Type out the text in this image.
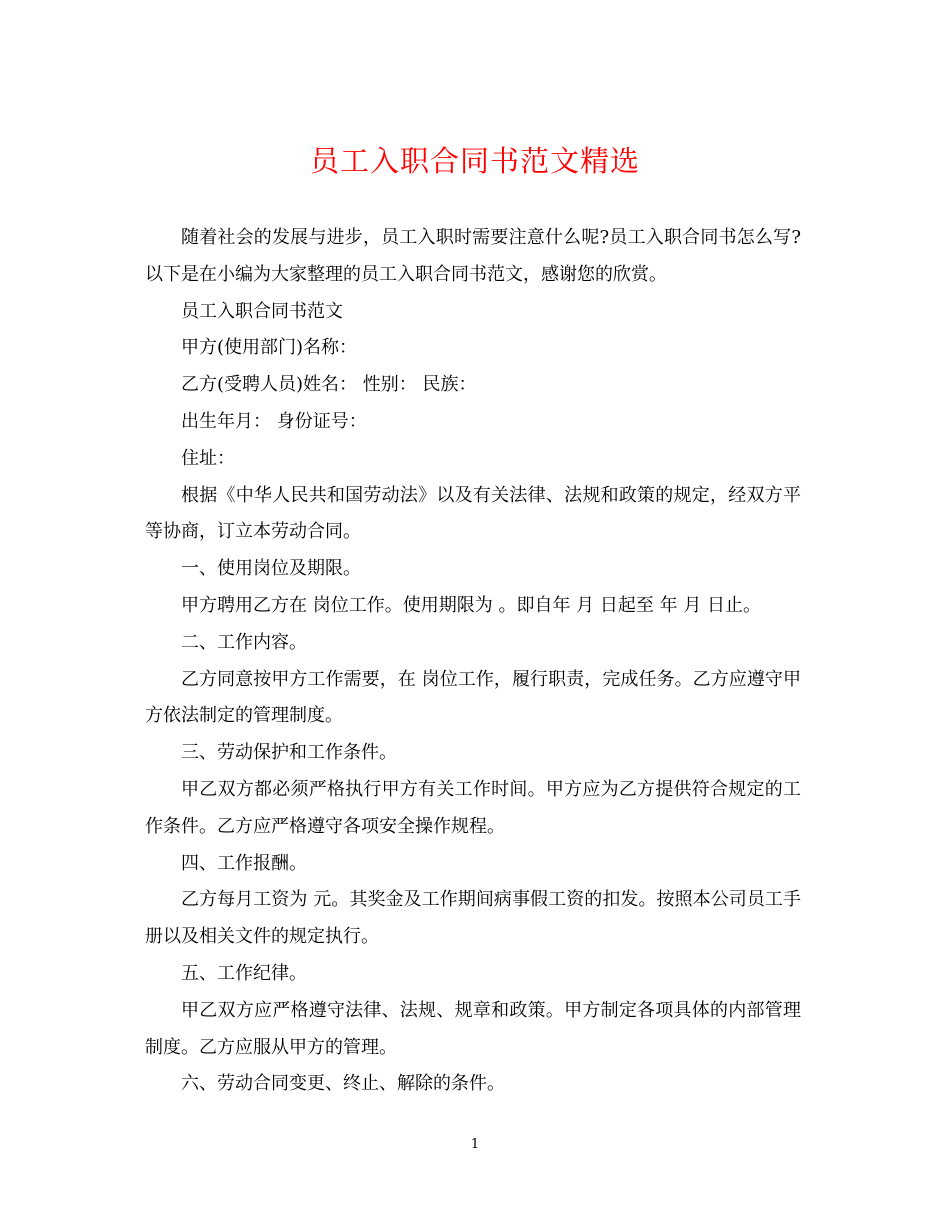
员工入职合同书范文精选

随着社会的发展与进步，员工入职时需要注意什么呢?员工入职合同书怎么写?以下是在小编为大家整理的员工入职合同书范文，感谢您的欣赏。

员工入职合同书范文

甲方(使用部门)名称：

乙方(受聘人员)姓名： 性别： 民族：

出生年月： 身份证号：

住址：

根据《中华人民共和国劳动法》以及有关法律、法规和政策的规定，经双方平等协商，订立本劳动合同。

一、使用岗位及期限。

甲方聘用乙方在 岗位工作。使用期限为 。即自年 月 日起至 年 月 日止。

二、工作内容。

乙方同意按甲方工作需要，在 岗位工作，履行职责，完成任务。乙方应遵守甲方依法制定的管理制度。

三、劳动保护和工作条件。

甲乙双方都必须严格执行甲方有关工作时间。甲方应为乙方提供符合规定的工作条件。乙方应严格遵守各项安全操作规程。

四、工作报酬。

乙方每月工资为 元。其奖金及工作期间病事假工资的扣发。按照本公司员工手册以及相关文件的规定执行。

五、工作纪律。

甲乙双方应严格遵守法律、法规、规章和政策。甲方制定各项具体的内部管理制度。乙方应服从甲方的管理。

六、劳动合同变更、终止、解除的条件。

1
